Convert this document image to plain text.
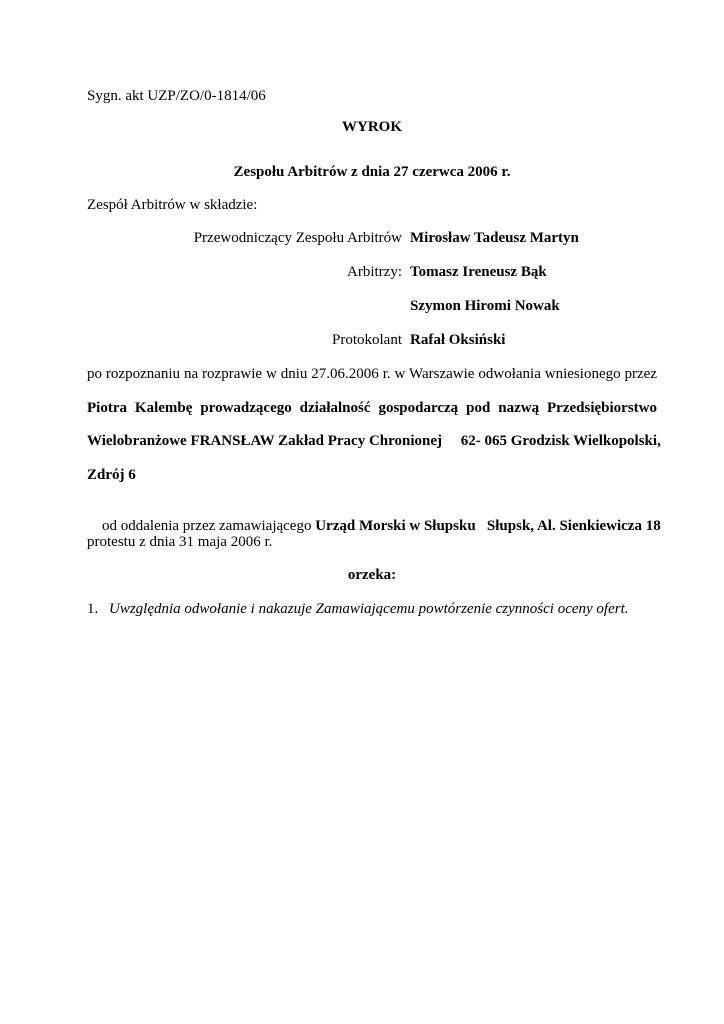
Sygn. akt UZP/ZO/0-1814/06
WYROK
Zespołu Arbitrów z dnia 27 czerwca 2006 r.
Zespół Arbitrów w składzie:
Przewodniczący Zespołu Arbitrów Mirosław Tadeusz Martyn
Arbitrzy: Tomasz Ireneusz Bąk
Szymon Hiromi Nowak
Protokolant Rafał Oksiński
po rozpoznaniu na rozprawie w dniu 27.06.2006 r. w Warszawie odwołania wniesionego przez
Piotra Kalembę prowadzącego działalność gospodarczą pod nazwą Przedsiębiorstwo
Wielobranżowe FRANSŁAW Zakład Pracy Chronionej     62- 065 Grodzisk Wielkopolski,
Zdrój 6

od oddalenia przez zamawiającego Urząd Morski w Słupsku   Słupsk, Al. Sienkiewicza 18

protestu z dnia 31 maja 2006 r.
orzeka:
1. Uwzględnia odwołanie i nakazuje Zamawiającemu powtórzenie czynności oceny ofert.
